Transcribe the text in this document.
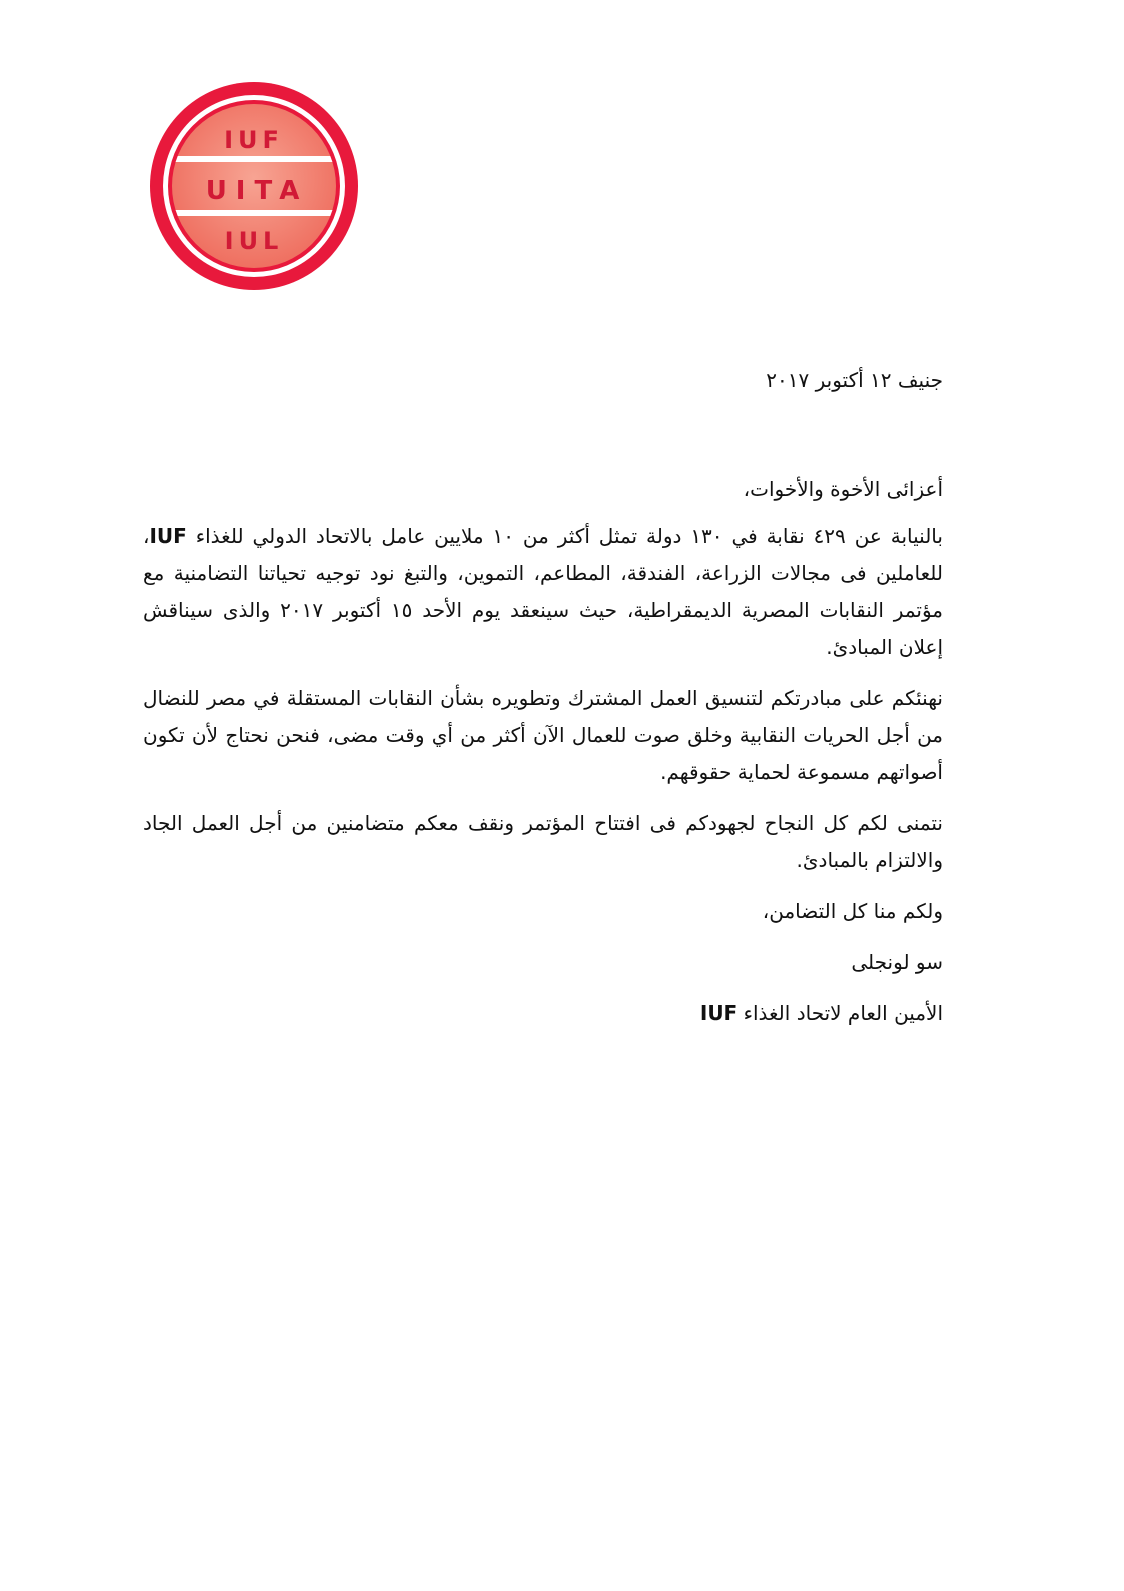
IUF
UITA
IUL

جنيف ١٢ أكتوبر ٢٠١٧

أعزائى الأخوة والأخوات،

بالنيابة عن ٤٢٩ نقابة في ١٣٠ دولة تمثل أكثر من ١٠ ملايين عامل بالاتحاد الدولي للغذاء IUF، للعاملين فى مجالات الزراعة، الفندقة، المطاعم، التموين، والتبغ نود توجيه تحياتنا التضامنية مع مؤتمر النقابات المصرية الديمقراطية، حيث سينعقد يوم الأحد ١٥ أكتوبر ٢٠١٧ والذى سيناقش إعلان المبادئ.

نهنئكم على مبادرتكم لتنسيق العمل المشترك وتطويره بشأن النقابات المستقلة في مصر للنضال من أجل الحريات النقابية وخلق صوت للعمال الآن أكثر من أي وقت مضى، فنحن نحتاج لأن تكون أصواتهم مسموعة لحماية حقوقهم.

نتمنى لكم كل النجاح لجهودكم فى افتتاح المؤتمر ونقف معكم متضامنين من أجل العمل الجاد والالتزام بالمبادئ.

ولكم منا كل التضامن،

سو لونجلى

الأمين العام لاتحاد الغذاء IUF
